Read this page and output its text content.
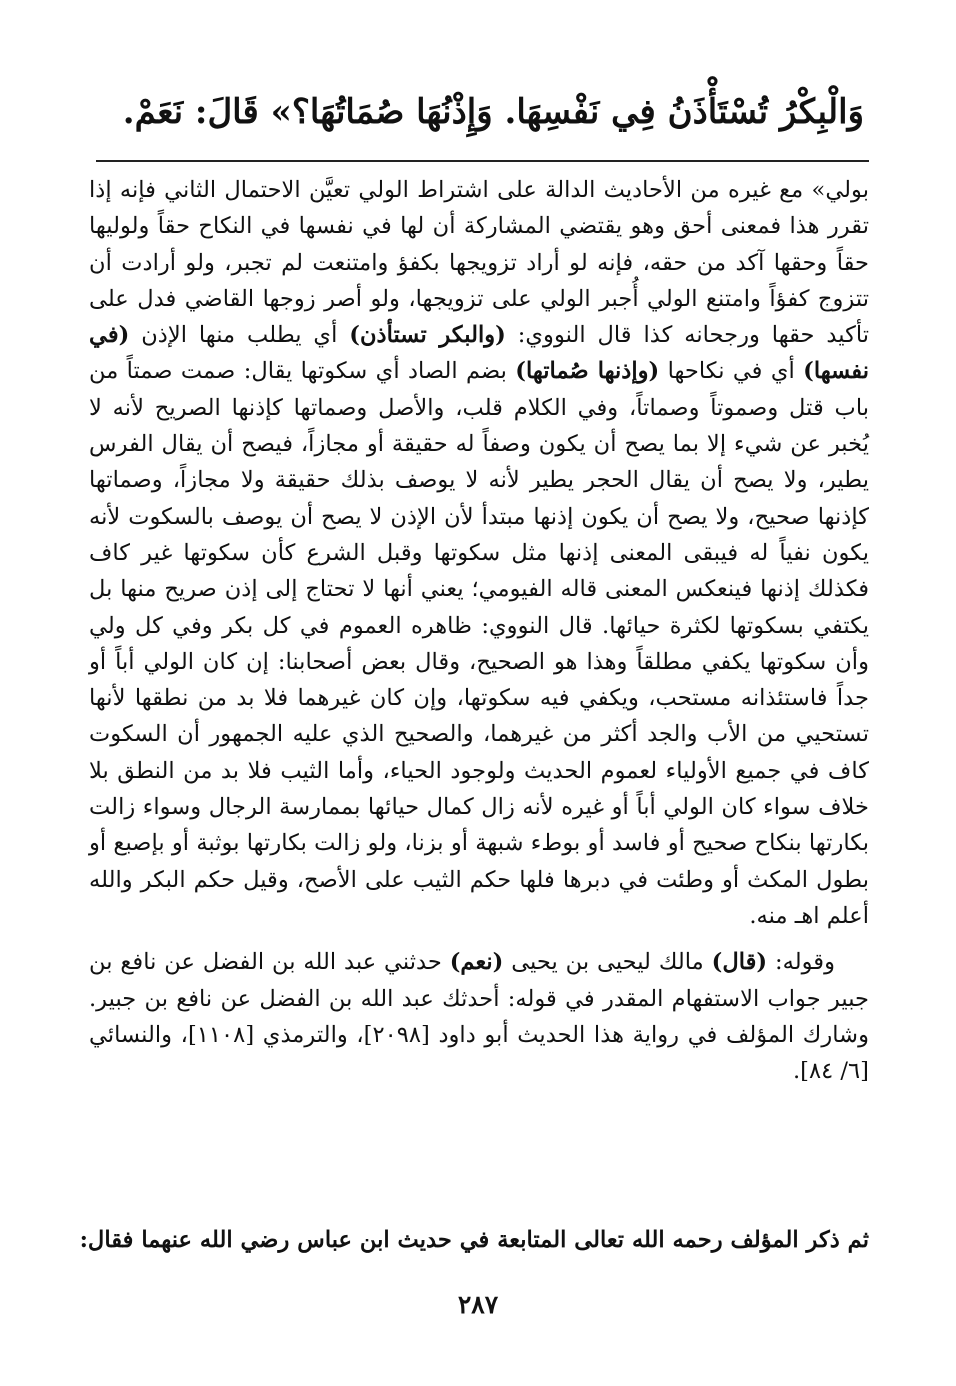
وَالْبِكْرُ تُسْتَأْذَنُ فِي نَفْسِهَا. وَإِذْنُهَا صُمَاتُهَا؟» قَالَ: نَعَمْ.

بولي» مع غيره من الأحاديث الدالة على اشتراط الولي تعيَّن الاحتمال الثاني فإنه إذا تقرر هذا فمعنى أحق وهو يقتضي المشاركة أن لها في نفسها في النكاح حقاً ولوليها حقاً وحقها آكد من حقه، فإنه لو أراد تزويجها بكفؤ وامتنعت لم تجبر، ولو أرادت أن تتزوج كفؤاً وامتنع الولي أُجبر الولي على تزويجها، ولو أصر زوجها القاضي فدل على تأكيد حقها ورجحانه كذا قال النووي: (والبكر تستأذن) أي يطلب منها الإذن (في نفسها) أي في نكاحها (وإذنها صُماتها) بضم الصاد أي سكوتها يقال: صمت صمتاً من باب قتل وصموتاً وصماتاً، وفي الكلام قلب، والأصل وصماتها كإذنها الصريح لأنه لا يُخبر عن شيء إلا بما يصح أن يكون وصفاً له حقيقة أو مجازاً، فيصح أن يقال الفرس يطير، ولا يصح أن يقال الحجر يطير لأنه لا يوصف بذلك حقيقة ولا مجازاً، وصماتها كإذنها صحيح، ولا يصح أن يكون إذنها مبتدأ لأن الإذن لا يصح أن يوصف بالسكوت لأنه يكون نفياً له فيبقى المعنى إذنها مثل سكوتها وقبل الشرع كأن سكوتها غير كاف فكذلك إذنها فينعكس المعنى قاله الفيومي؛ يعني أنها لا تحتاج إلى إذن صريح منها بل يكتفي بسكوتها لكثرة حيائها. قال النووي: ظاهره العموم في كل بكر وفي كل ولي وأن سكوتها يكفي مطلقاً وهذا هو الصحيح، وقال بعض أصحابنا: إن كان الولي أباً أو جداً فاستئذانه مستحب، ويكفي فيه سكوتها، وإن كان غيرهما فلا بد من نطقها لأنها تستحيي من الأب والجد أكثر من غيرهما، والصحيح الذي عليه الجمهور أن السكوت كاف في جميع الأولياء لعموم الحديث ولوجود الحياء، وأما الثيب فلا بد من النطق بلا خلاف سواء كان الولي أباً أو غيره لأنه زال كمال حيائها بممارسة الرجال وسواء زالت بكارتها بنكاح صحيح أو فاسد أو بوطء شبهة أو بزنا، ولو زالت بكارتها بوثبة أو بإصبع أو بطول المكث أو وطئت في دبرها فلها حكم الثيب على الأصح، وقيل حكم البكر والله أعلم اهـ منه.

وقوله: (قال) مالك ليحيى بن يحيى (نعم) حدثني عبد الله بن الفضل عن نافع بن جبير جواب الاستفهام المقدر في قوله: أحدثك عبد الله بن الفضل عن نافع بن جبير. وشارك المؤلف في رواية هذا الحديث أبو داود [٢٠٩٨]، والترمذي [١١٠٨]، والنسائي [٦/ ٨٤].

ثم ذكر المؤلف رحمه الله تعالى المتابعة في حديث ابن عباس رضي الله عنهما فقال:
٢٨٧
